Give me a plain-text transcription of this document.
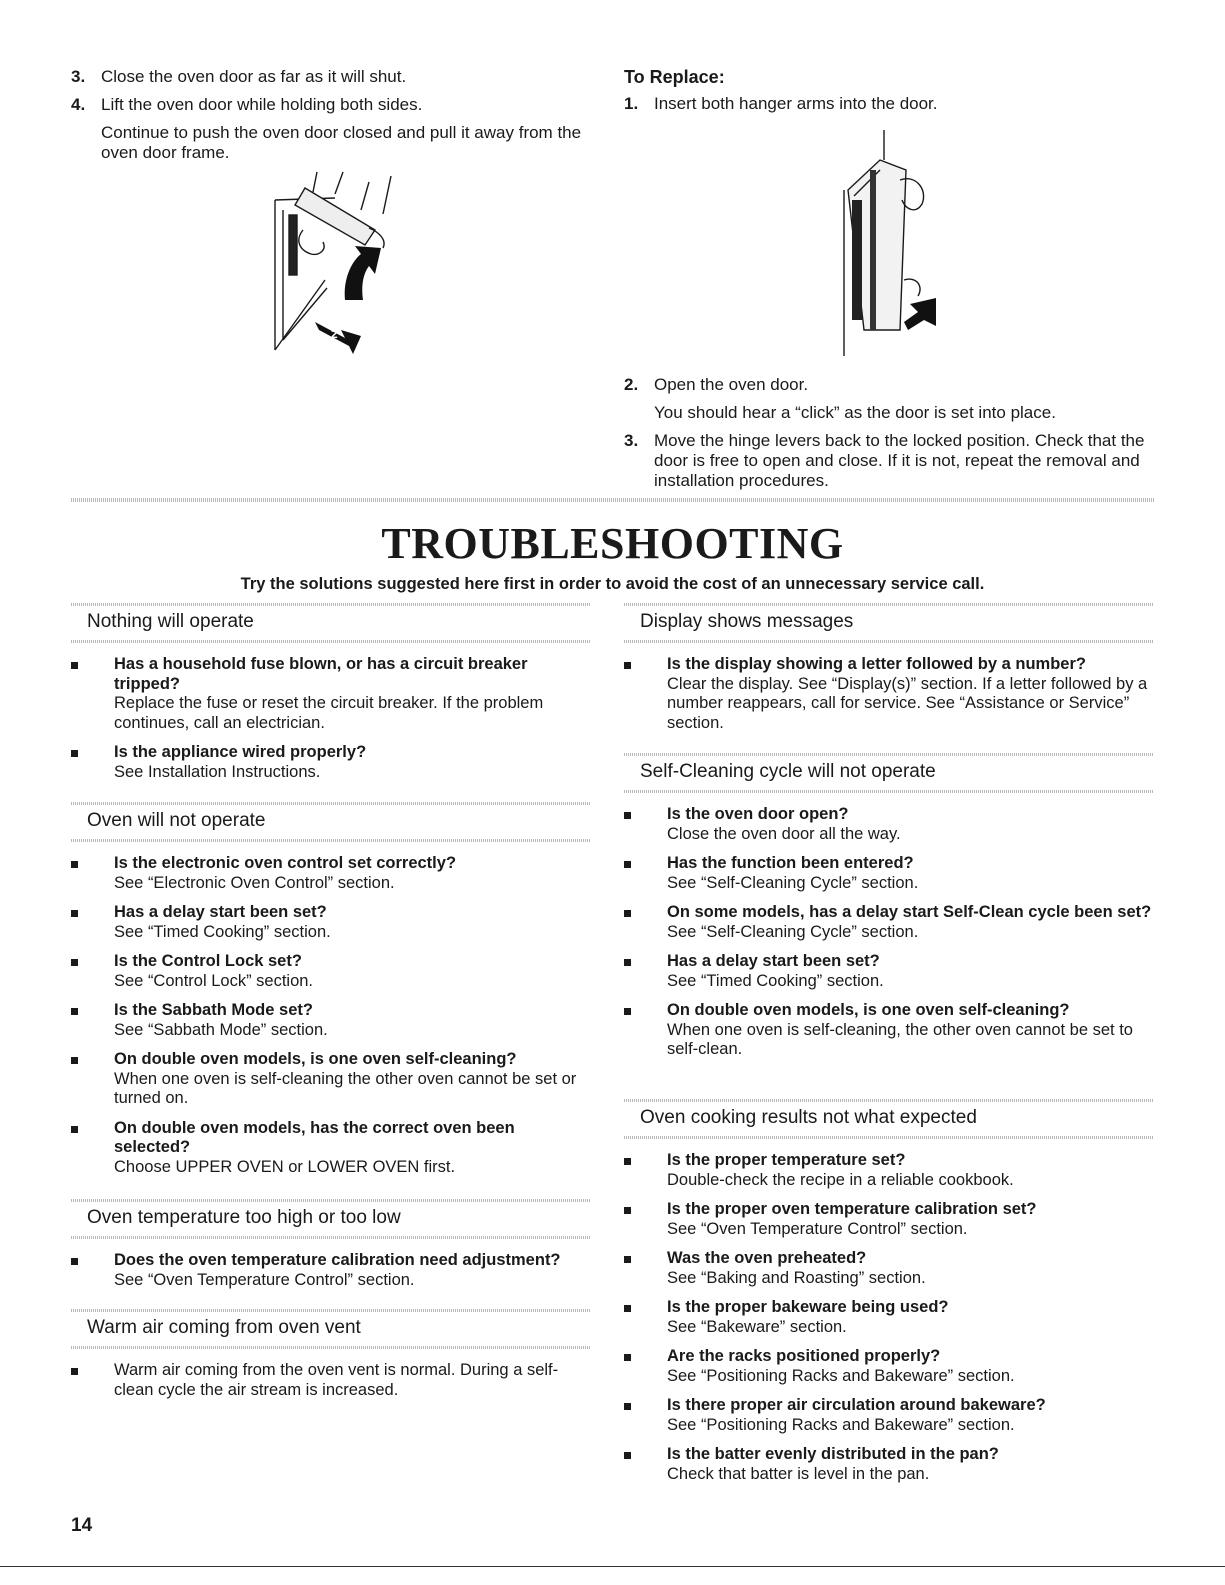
3. Close the oven door as far as it will shut.
4. Lift the oven door while holding both sides.
Continue to push the oven door closed and pull it away from the oven door frame.
1
2
To Replace:
1. Insert both hanger arms into the door.
2. Open the oven door.
You should hear a “click” as the door is set into place.
3. Move the hinge levers back to the locked position. Check that the door is free to open and close. If it is not, repeat the removal and installation procedures.
TROUBLESHOOTING
Try the solutions suggested here first in order to avoid the cost of an unnecessary service call.
Nothing will operate
Has a household fuse blown, or has a circuit breaker tripped?
Replace the fuse or reset the circuit breaker. If the problem continues, call an electrician.
Is the appliance wired properly?
See Installation Instructions.
Oven will not operate
Is the electronic oven control set correctly?
See “Electronic Oven Control” section.
Has a delay start been set?
See “Timed Cooking” section.
Is the Control Lock set?
See “Control Lock” section.
Is the Sabbath Mode set?
See “Sabbath Mode” section.
On double oven models, is one oven self-cleaning?
When one oven is self-cleaning the other oven cannot be set or turned on.
On double oven models, has the correct oven been selected?
Choose UPPER OVEN or LOWER OVEN first.
Oven temperature too high or too low
Does the oven temperature calibration need adjustment?
See “Oven Temperature Control” section.
Warm air coming from oven vent
Warm air coming from the oven vent is normal. During a self-clean cycle the air stream is increased.
Display shows messages
Is the display showing a letter followed by a number?
Clear the display. See “Display(s)” section. If a letter followed by a number reappears, call for service. See “Assistance or Service” section.
Self-Cleaning cycle will not operate
Is the oven door open?
Close the oven door all the way.
Has the function been entered?
See “Self-Cleaning Cycle” section.
On some models, has a delay start Self-Clean cycle been set?
See “Self-Cleaning Cycle” section.
Has a delay start been set?
See “Timed Cooking” section.
On double oven models, is one oven self-cleaning?
When one oven is self-cleaning, the other oven cannot be set to self-clean.
Oven cooking results not what expected
Is the proper temperature set?
Double-check the recipe in a reliable cookbook.
Is the proper oven temperature calibration set?
See “Oven Temperature Control” section.
Was the oven preheated?
See “Baking and Roasting” section.
Is the proper bakeware being used?
See “Bakeware” section.
Are the racks positioned properly?
See “Positioning Racks and Bakeware” section.
Is there proper air circulation around bakeware?
See “Positioning Racks and Bakeware” section.
Is the batter evenly distributed in the pan?
Check that batter is level in the pan.
14
